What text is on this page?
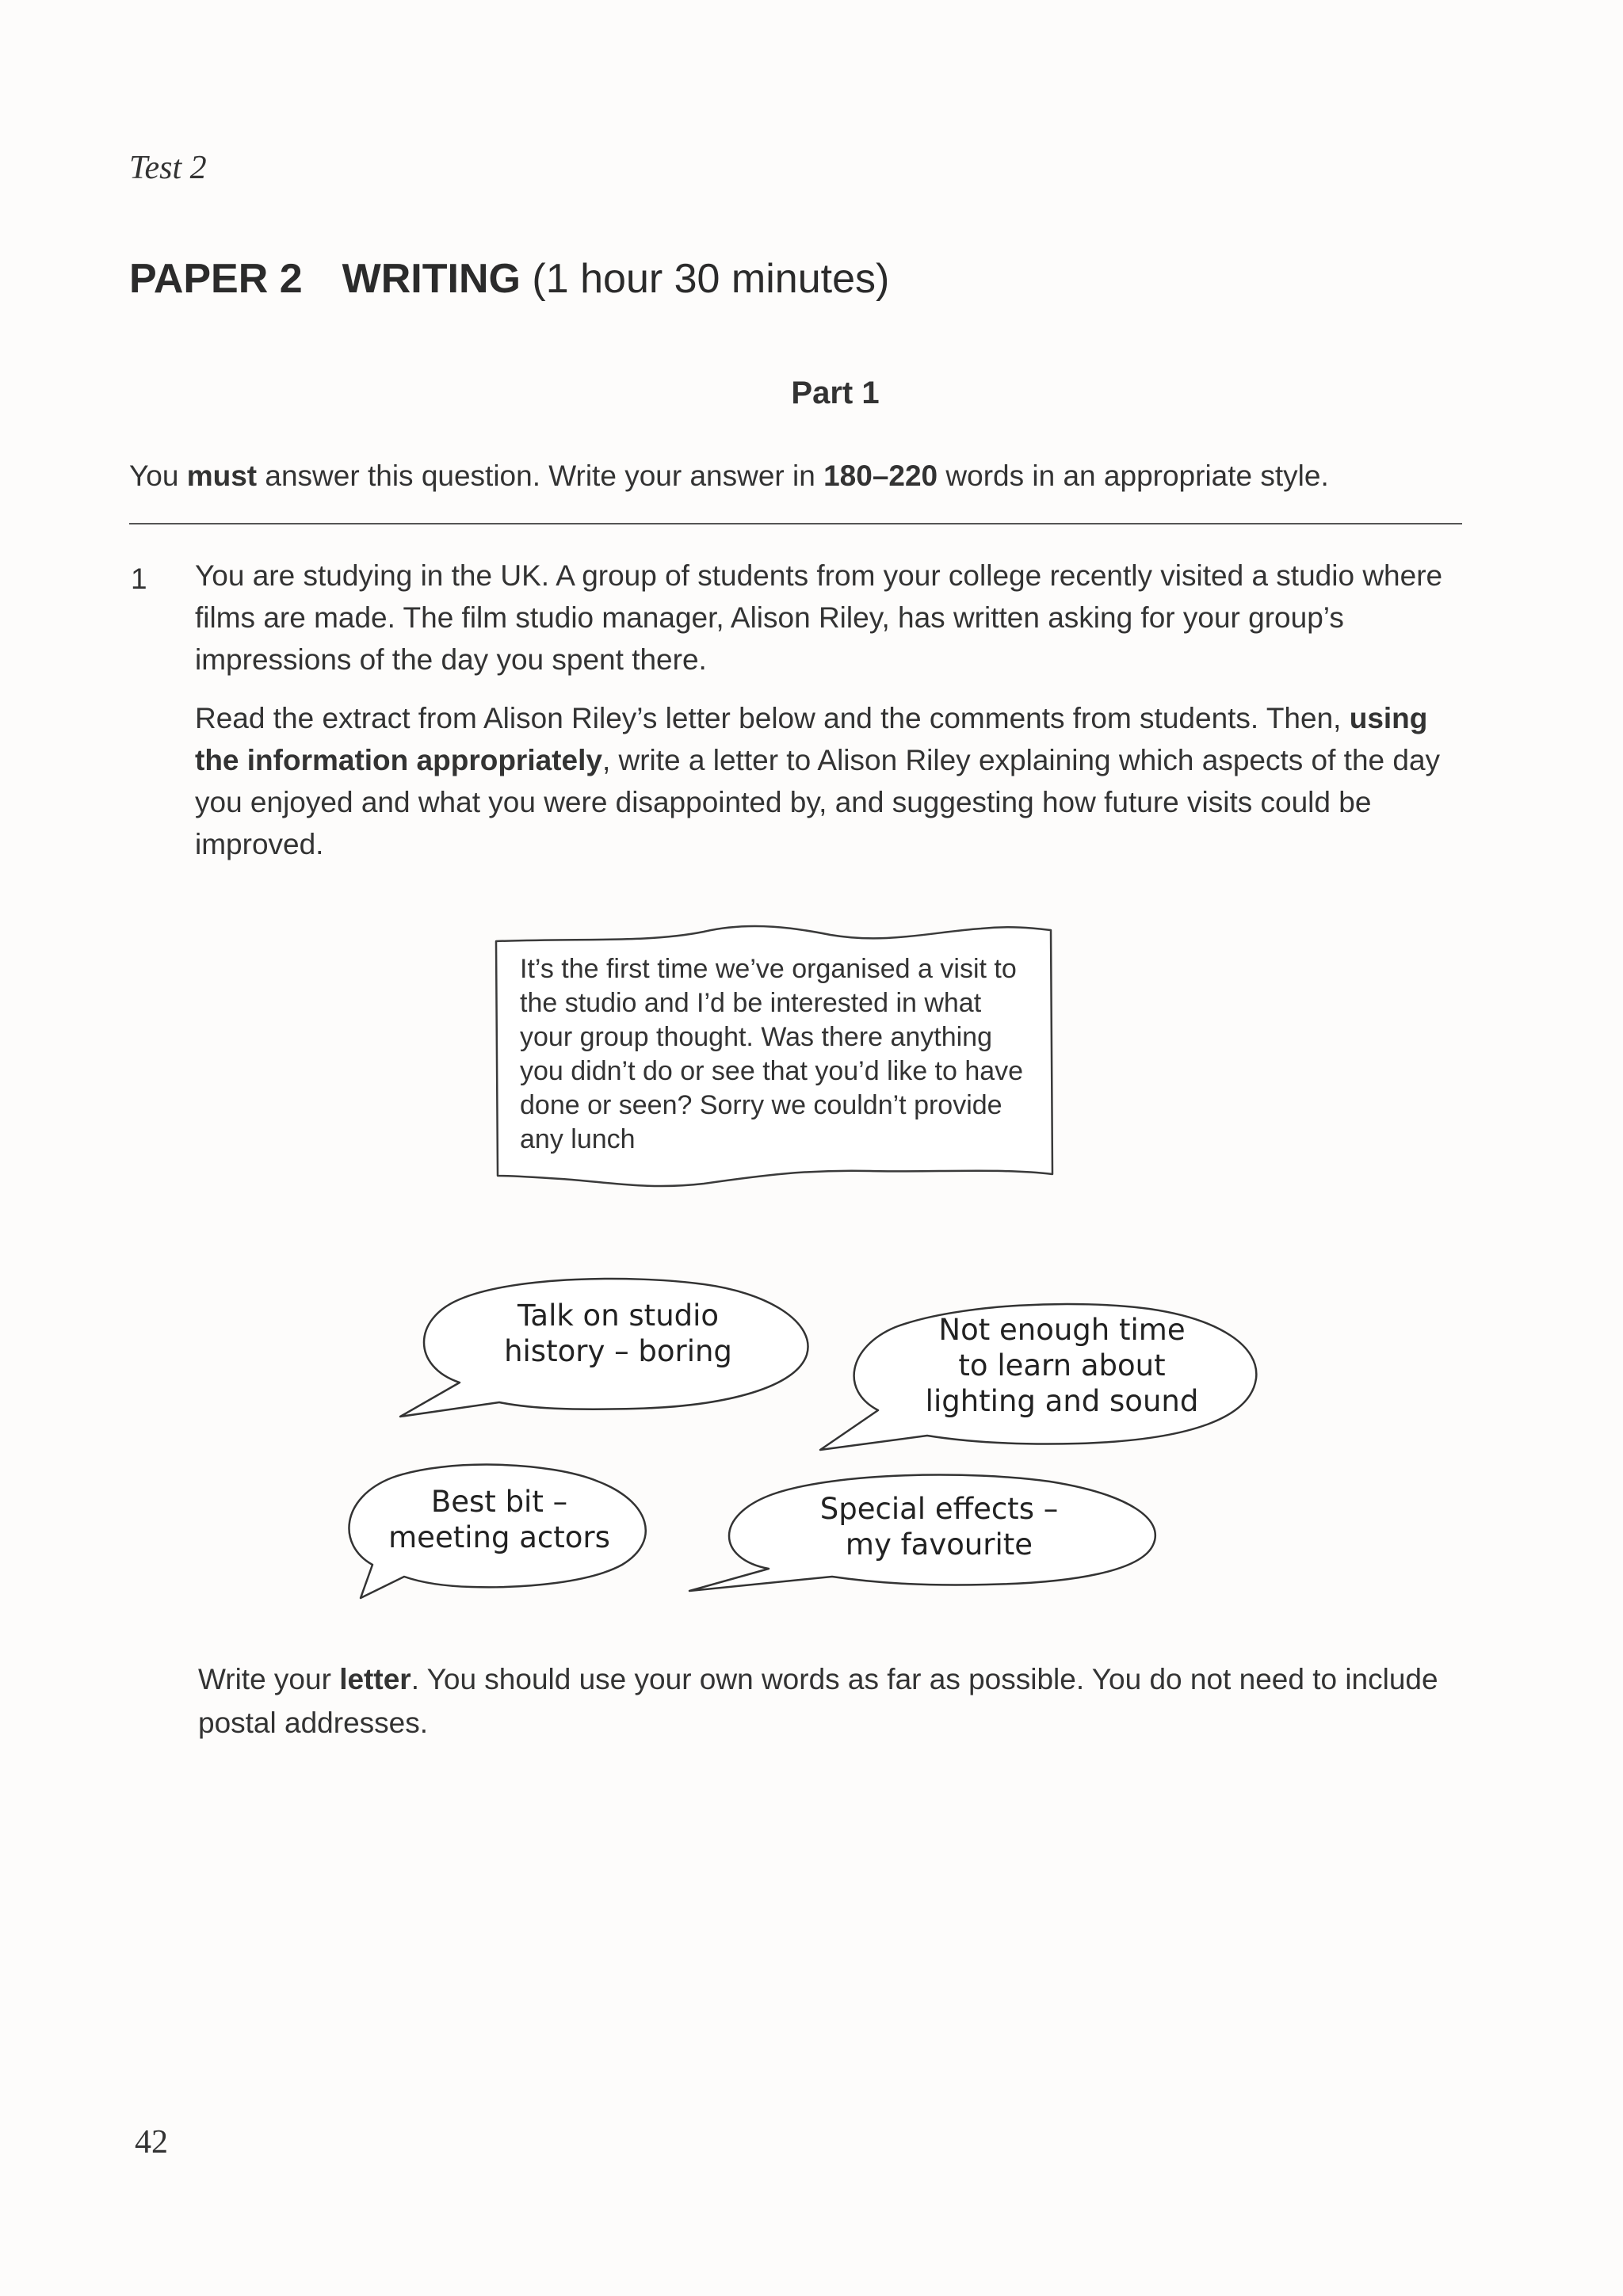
Test 2
PAPER 2 WRITING (1 hour 30 minutes)
Part 1
You must answer this question. Write your answer in 180–220 words in an appropriate style.
1 You are studying in the UK. A group of students from your college recently visited a studio where films are made. The film studio manager, Alison Riley, has written asking for your group’s impressions of the day you spent there.
Read the extract from Alison Riley’s letter below and the comments from students. Then, using the information appropriately, write a letter to Alison Riley explaining which aspects of the day you enjoyed and what you were disappointed by, and suggesting how future visits could be improved.
It’s the first time we’ve organised a visit to the studio and I’d be interested in what your group thought. Was there anything you didn’t do or see that you’d like to have done or seen? Sorry we couldn’t provide any lunch
Talk on studio
history – boring
Not enough time
to learn about
lighting and sound
Best bit –
meeting actors
Special effects –
my favourite
Write your letter. You should use your own words as far as possible. You do not need to include postal addresses.
42
